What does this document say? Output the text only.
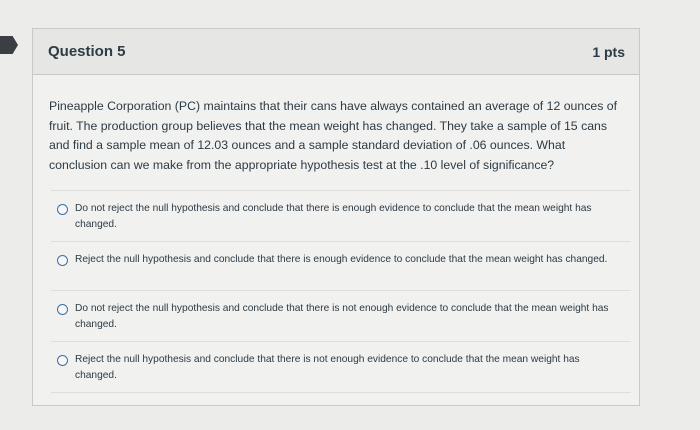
Question 5	1 pts
Pineapple Corporation (PC) maintains that their cans have always contained an average of 12 ounces of fruit. The production group believes that the mean weight has changed. They take a sample of 15 cans and find a sample mean of 12.03 ounces and a sample standard deviation of .06 ounces. What conclusion can we make from the appropriate hypothesis test at the .10 level of significance?
Do not reject the null hypothesis and conclude that there is enough evidence to conclude that the mean weight has changed.
Reject the null hypothesis and conclude that there is enough evidence to conclude that the mean weight has changed.
Do not reject the null hypothesis and conclude that there is not enough evidence to conclude that the mean weight has changed.
Reject the null hypothesis and conclude that there is not enough evidence to conclude that the mean weight has changed.
